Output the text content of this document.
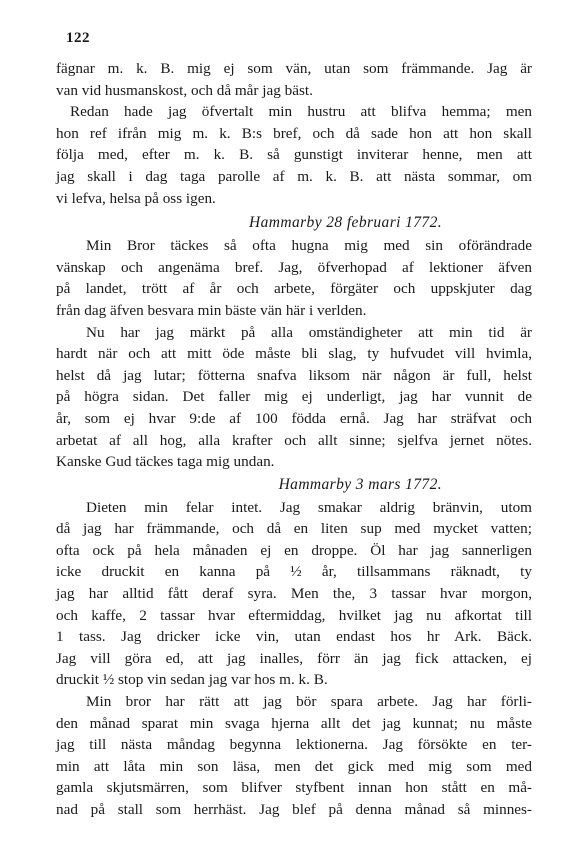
122
fägnar m. k. B. mig ej som vän, utan som främmande. Jag är
van vid husmanskost, och då mår jag bäst.
Redan hade jag öfvertalt min hustru att blifva hemma; men
hon ref ifrån mig m. k. B:s bref, och då sade hon att hon skall
följa med, efter m. k. B. så gunstigt inviterar henne, men att
jag skall i dag taga parolle af m. k. B. att nästa sommar, om
vi lefva, helsa på oss igen.
Hammarby 28 februari 1772.
Min Bror täckes så ofta hugna mig med sin oförändrade
vänskap och angenäma bref. Jag, öfverhopad af lektioner äfven
på landet, trött af år och arbete, förgäter och uppskjuter dag
från dag äfven besvara min bäste vän här i verlden.
Nu har jag märkt på alla omständigheter att min tid är
hardt när och att mitt öde måste bli slag, ty hufvudet vill hvimla,
helst då jag lutar; fötterna snafva liksom när någon är full, helst
på högra sidan. Det faller mig ej underligt, jag har vunnit de
år, som ej hvar 9:de af 100 födda ernå. Jag har sträfvat och
arbetat af all hog, alla krafter och allt sinne; sjelfva jernet nötes.
Kanske Gud täckes taga mig undan.
Hammarby 3 mars 1772.
Dieten min felar intet. Jag smakar aldrig bränvin, utom
då jag har främmande, och då en liten sup med mycket vatten;
ofta ock på hela månaden ej en droppe. Öl har jag sannerligen
icke druckit en kanna på ½ år, tillsammans räknadt, ty
jag har alltid fått deraf syra. Men the, 3 tassar hvar morgon,
och kaffe, 2 tassar hvar eftermiddag, hvilket jag nu afkortat till
1 tass. Jag dricker icke vin, utan endast hos hr Ark. Bäck.
Jag vill göra ed, att jag inalles, förr än jag fick attacken, ej
druckit ½ stop vin sedan jag var hos m. k. B.
Min bror har rätt att jag bör spara arbete. Jag har förli-
den månad sparat min svaga hjerna allt det jag kunnat; nu måste
jag till nästa måndag begynna lektionerna. Jag försökte en ter-
min att låta min son läsa, men det gick med mig som med
gamla skjutsmärren, som blifver styfbent innan hon stått en må-
nad på stall som herrhäst. Jag blef på denna månad så minnes-
